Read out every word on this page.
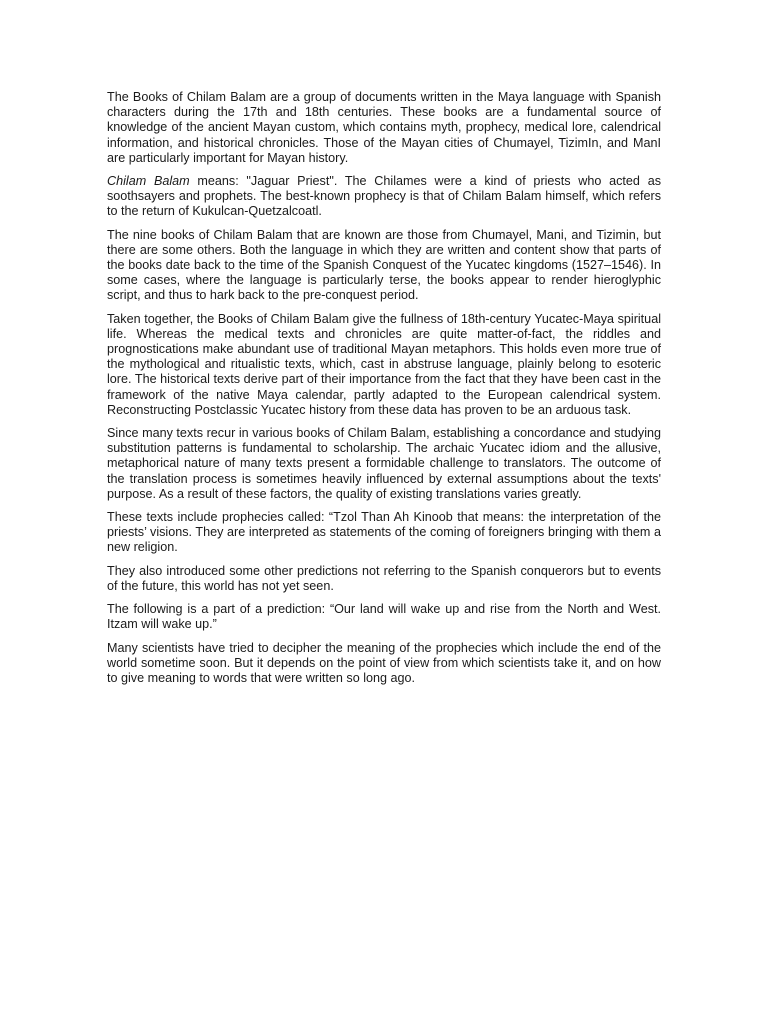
The Books of Chilam Balam are a group of documents written in the Maya language with Spanish characters during the 17th and 18th centuries. These books are a fundamental source of knowledge of the ancient Mayan custom, which contains myth, prophecy, medical lore, calendrical information, and historical chronicles. Those of the Mayan cities of Chumayel, TizimIn, and ManI are particularly important for Mayan history.

Chilam Balam means: "Jaguar Priest". The Chilames were a kind of priests who acted as soothsayers and prophets. The best-known prophecy is that of Chilam Balam himself, which refers to the return of Kukulcan-Quetzalcoatl.

The nine books of Chilam Balam that are known are those from Chumayel, Mani, and Tizimin, but there are some others. Both the language in which they are written and content show that parts of the books date back to the time of the Spanish Conquest of the Yucatec kingdoms (1527–1546). In some cases, where the language is particularly terse, the books appear to render hieroglyphic script, and thus to hark back to the pre-conquest period.

Taken together, the Books of Chilam Balam give the fullness of 18th-century Yucatec-Maya spiritual life. Whereas the medical texts and chronicles are quite matter-of-fact, the riddles and prognostications make abundant use of traditional Mayan metaphors. This holds even more true of the mythological and ritualistic texts, which, cast in abstruse language, plainly belong to esoteric lore. The historical texts derive part of their importance from the fact that they have been cast in the framework of the native Maya calendar, partly adapted to the European calendrical system. Reconstructing Postclassic Yucatec history from these data has proven to be an arduous task.

Since many texts recur in various books of Chilam Balam, establishing a concordance and studying substitution patterns is fundamental to scholarship. The archaic Yucatec idiom and the allusive, metaphorical nature of many texts present a formidable challenge to translators. The outcome of the translation process is sometimes heavily influenced by external assumptions about the texts' purpose. As a result of these factors, the quality of existing translations varies greatly.

These texts include prophecies called: “Tzol Than Ah Kinoob that means: the interpretation of the priests’ visions. They are interpreted as statements of the coming of foreigners bringing with them a new religion.

They also introduced some other predictions not referring to the Spanish conquerors but to events of the future, this world has not yet seen.

The following is a part of a prediction: “Our land will wake up and rise from the North and West. Itzam will wake up.”

Many scientists have tried to decipher the meaning of the prophecies which include the end of the world sometime soon. But it depends on the point of view from which scientists take it, and on how to give meaning to words that were written so long ago.
